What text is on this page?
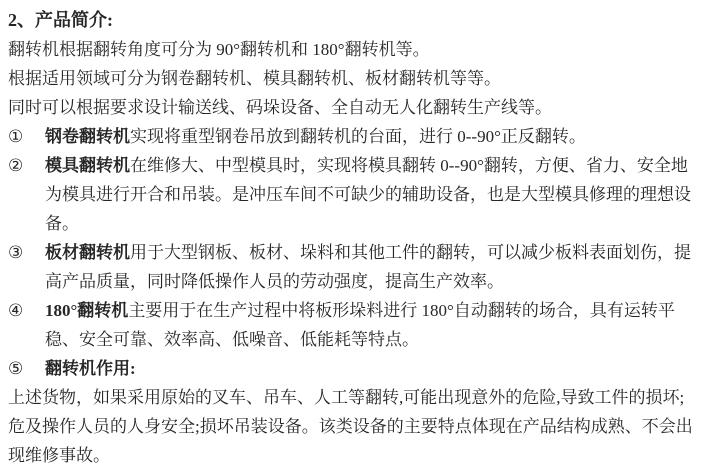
2、产品简介:

翻转机根据翻转角度可分为 90°翻转机和 180°翻转机等。

根据适用领域可分为钢卷翻转机、模具翻转机、板材翻转机等等。

同时可以根据要求设计输送线、码垛设备、全自动无人化翻转生产线等。

①	钢卷翻转机实现将重型钢卷吊放到翻转机的台面，进行 0--90°正反翻转。

②	模具翻转机在维修大、中型模具时，实现将模具翻转 0--90°翻转，方便、省力、安全地为模具进行开合和吊装。是冲压车间不可缺少的辅助设备，也是大型模具修理的理想设备。

③	板材翻转机用于大型钢板、板材、垛料和其他工件的翻转，可以减少板料表面划伤，提高产品质量，同时降低操作人员的劳动强度，提高生产效率。

④	180°翻转机主要用于在生产过程中将板形垛料进行 180°自动翻转的场合，具有运转平稳、安全可靠、效率高、低噪音、低能耗等特点。

⑤	翻转机作用:

上述货物，如果采用原始的叉车、吊车、人工等翻转,可能出现意外的危险,导致工件的损坏;危及操作人员的人身安全;损坏吊装设备。该类设备的主要特点体现在产品结构成熟、不会出现维修事故。
